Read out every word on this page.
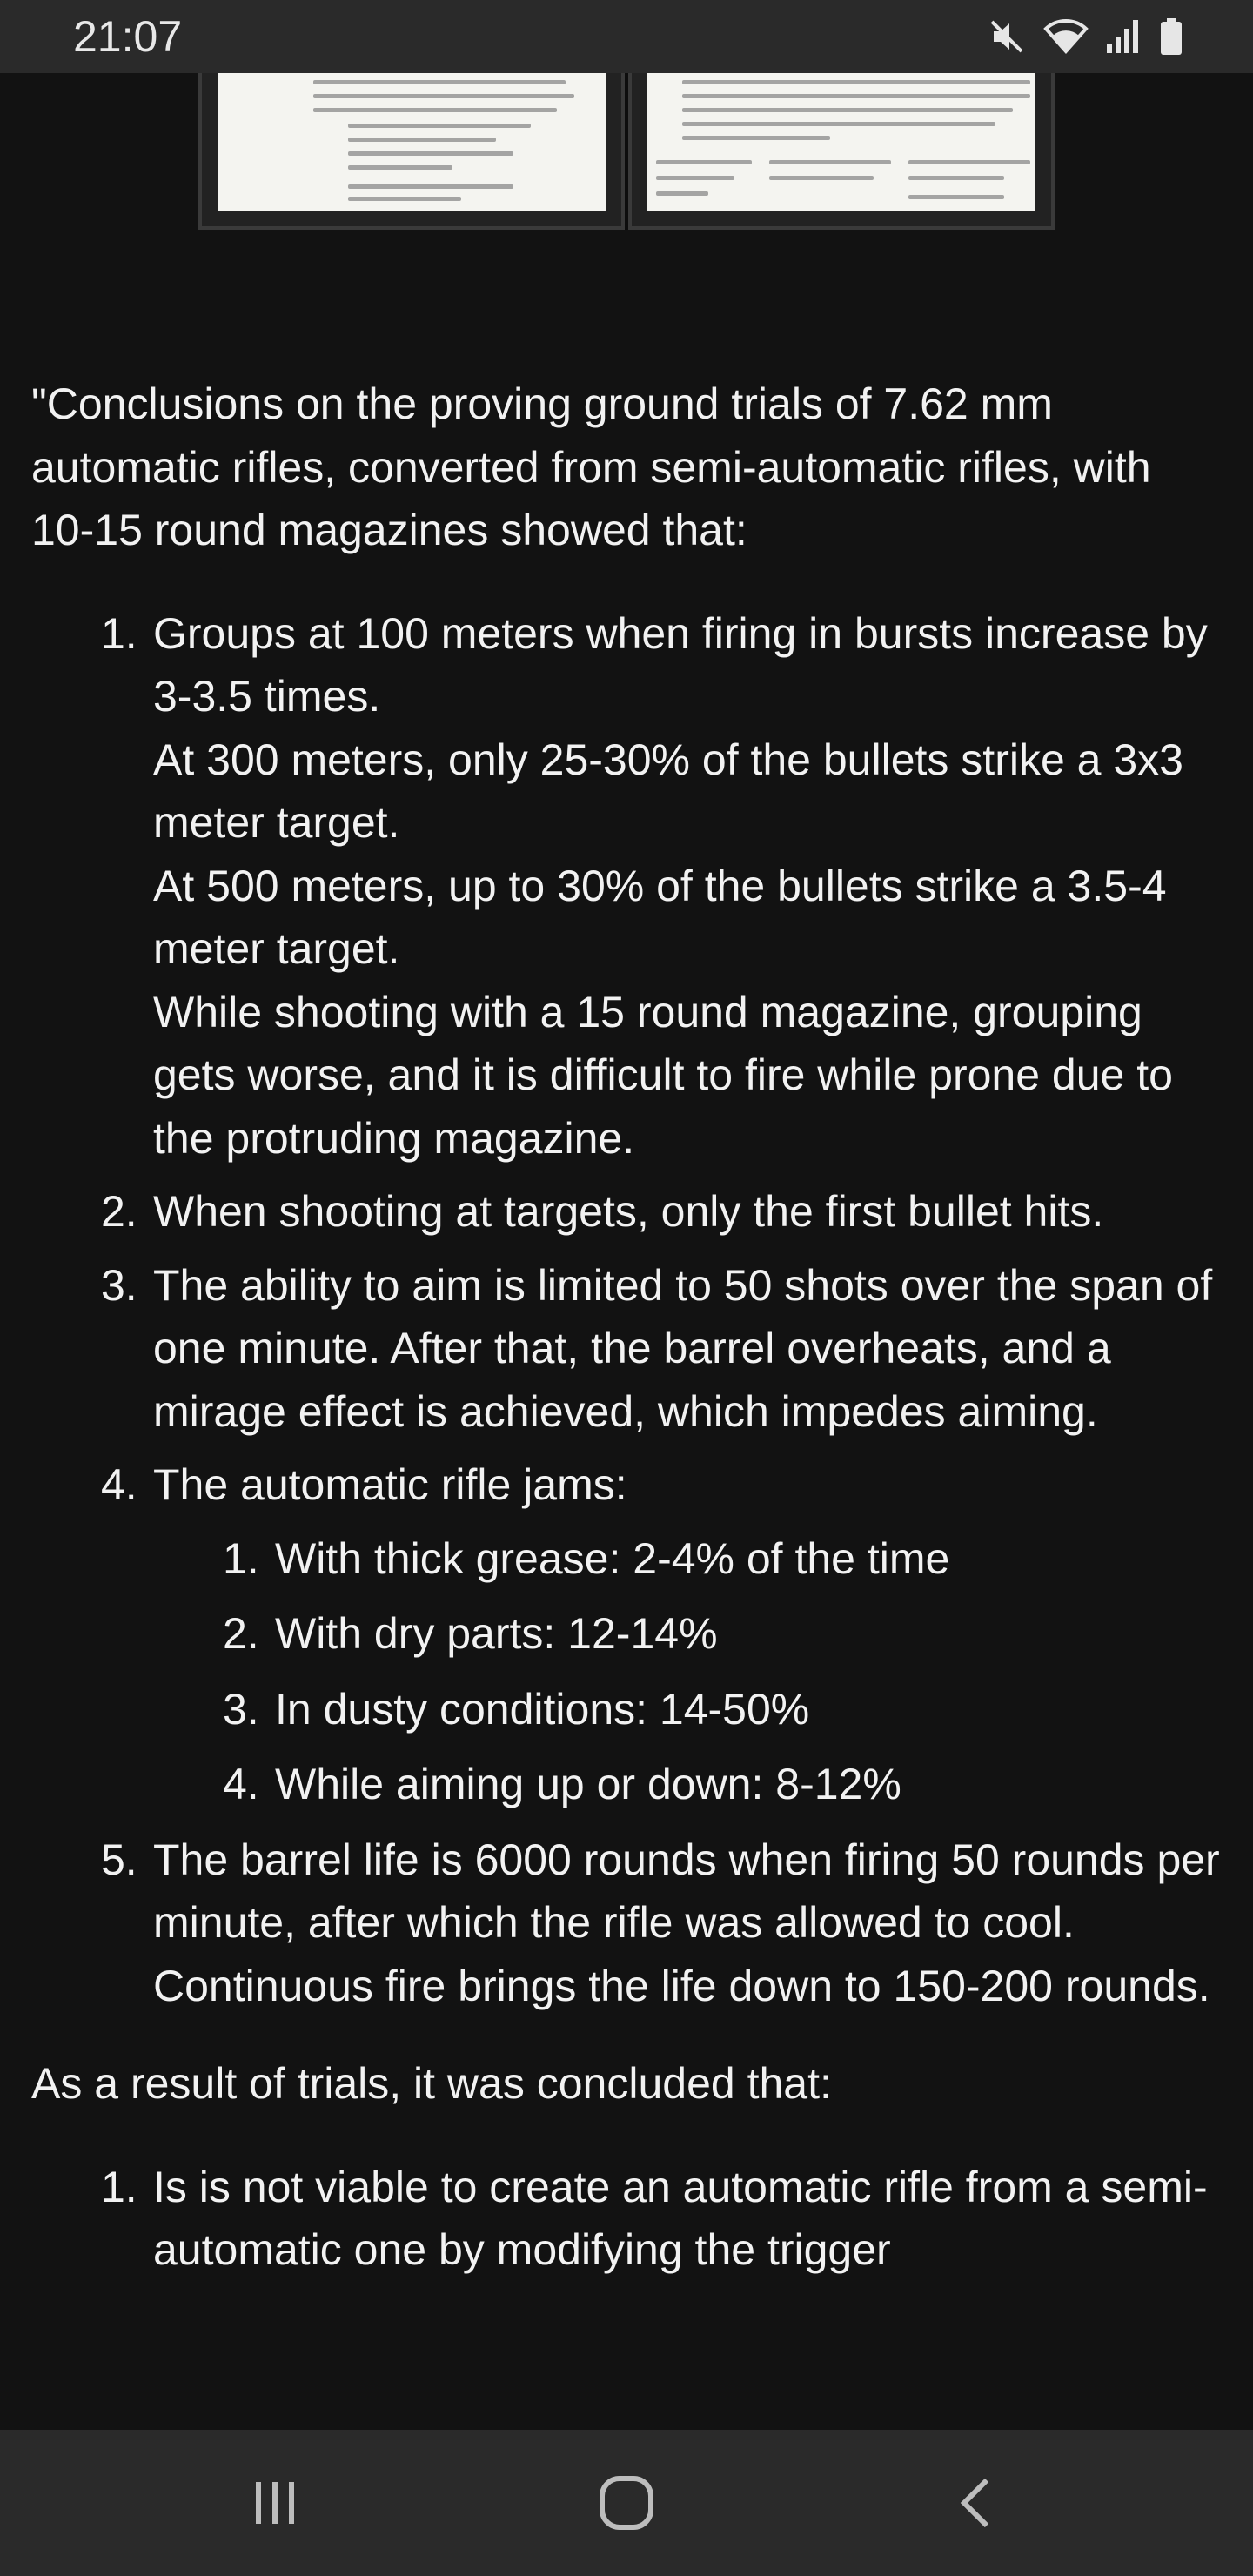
21:07

"Conclusions on the proving ground trials of 7.62 mm automatic rifles, converted from semi-automatic rifles, with 10-15 round magazines showed that:

1. Groups at 100 meters when firing in bursts increase by 3-3.5 times.

At 300 meters, only 25-30% of the bullets strike a 3x3 meter target.

At 500 meters, up to 30% of the bullets strike a 3.5-4 meter target.

While shooting with a 15 round magazine, grouping gets worse, and it is difficult to fire while prone due to the protruding magazine.

2. When shooting at targets, only the first bullet hits.

3. The ability to aim is limited to 50 shots over the span of one minute. After that, the barrel overheats, and a mirage effect is achieved, which impedes aiming.

4. The automatic rifle jams:

1. With thick grease: 2-4% of the time

2. With dry parts: 12-14%

3. In dusty conditions: 14-50%

4. While aiming up or down: 8-12%

5. The barrel life is 6000 rounds when firing 50 rounds per minute, after which the rifle was allowed to cool. Continuous fire brings the life down to 150-200 rounds.

As a result of trials, it was concluded that:

1. Is is not viable to create an automatic rifle from a semi-automatic one by modifying the trigger
